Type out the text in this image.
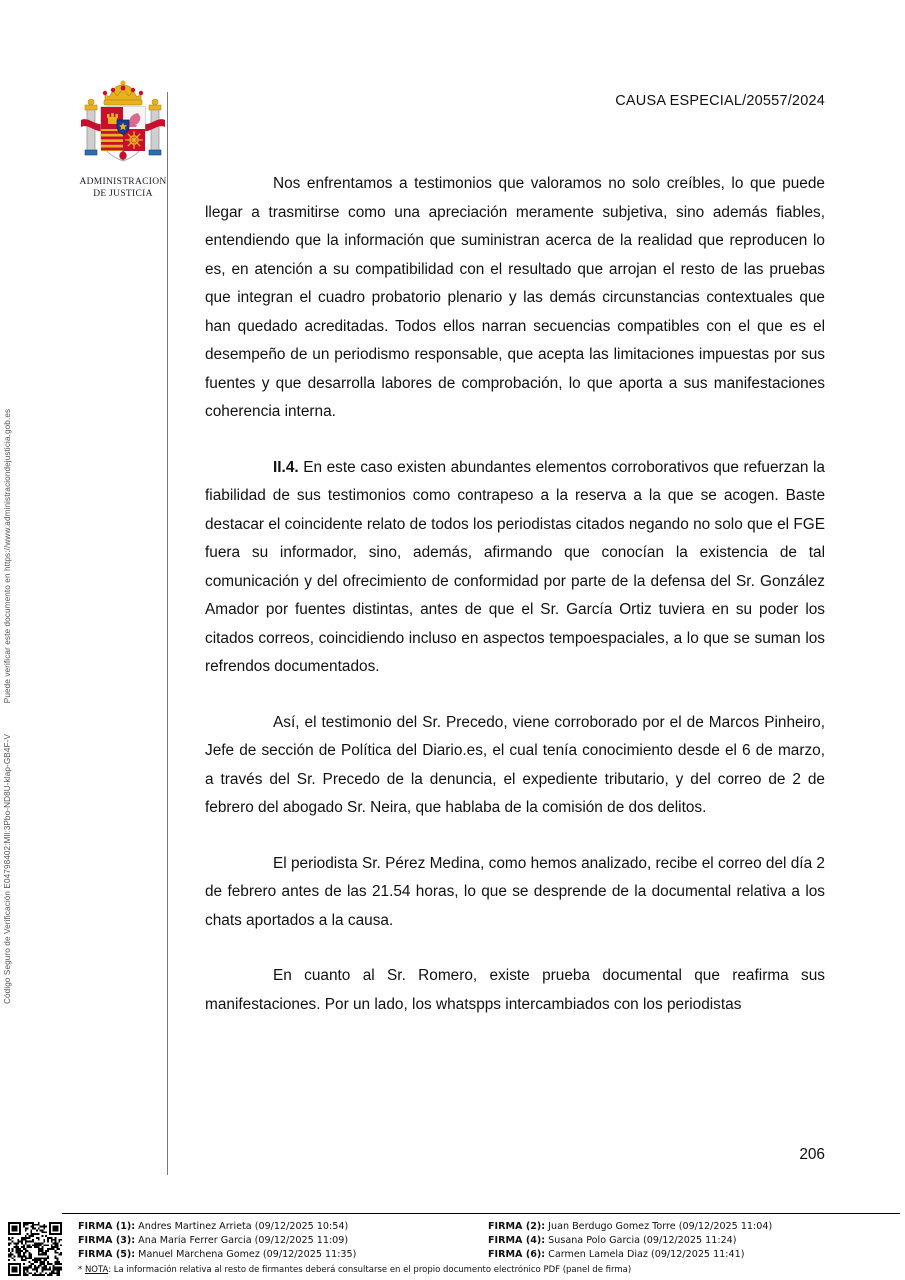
Código Seguro de Verificación E04798402:Mll:3Pbo-ND8U-klap-GB4F-V  Puede verificar este documento en https://www.administraciondejusticia.gob.es
ADMINISTRACION
DE JUSTICIA
CAUSA ESPECIAL/20557/2024

Nos enfrentamos a testimonios que valoramos no solo creíbles, lo que puede llegar a trasmitirse como una apreciación meramente subjetiva, sino además fiables, entendiendo que la información que suministran acerca de la realidad que reproducen lo es, en atención a su compatibilidad con el resultado que arrojan el resto de las pruebas que integran el cuadro probatorio plenario y las demás circunstancias contextuales que han quedado acreditadas. Todos ellos narran secuencias compatibles con el que es el desempeño de un periodismo responsable, que acepta las limitaciones impuestas por sus fuentes y que desarrolla labores de comprobación, lo que aporta a sus manifestaciones coherencia interna.

II.4. En este caso existen abundantes elementos corroborativos que refuerzan la fiabilidad de sus testimonios como contrapeso a la reserva a la que se acogen. Baste destacar el coincidente relato de todos los periodistas citados negando no solo que el FGE fuera su informador, sino, además, afirmando que conocían la existencia de tal comunicación y del ofrecimiento de conformidad por parte de la defensa del Sr. González Amador por fuentes distintas, antes de que el Sr. García Ortiz tuviera en su poder los citados correos, coincidiendo incluso en aspectos tempoespaciales, a lo que se suman los refrendos documentados.

Así, el testimonio del Sr. Precedo, viene corroborado por el de Marcos Pinheiro, Jefe de sección de Política del Diario.es, el cual tenía conocimiento desde el 6 de marzo, a través del Sr. Precedo de la denuncia, el expediente tributario, y del correo de 2 de febrero del abogado Sr. Neira, que hablaba de la comisión de dos delitos.

El periodista Sr. Pérez Medina, como hemos analizado, recibe el correo del día 2 de febrero antes de las 21.54 horas, lo que se desprende de la documental relativa a los chats aportados a la causa.

En cuanto al Sr. Romero, existe prueba documental que reafirma sus manifestaciones. Por un lado, los whatspps intercambiados con los periodistas

206
FIRMA (1): Andres Martinez Arrieta (09/12/2025 10:54)	FIRMA (2): Juan Berdugo Gomez Torre (09/12/2025 11:04)
FIRMA (3): Ana Maria Ferrer Garcia (09/12/2025 11:09)	FIRMA (4): Susana Polo Garcia (09/12/2025 11:24)
FIRMA (5): Manuel Marchena Gomez (09/12/2025 11:35)	FIRMA (6): Carmen Lamela Diaz (09/12/2025 11:41)
* NOTA: La información relativa al resto de firmantes deberá consultarse en el propio documento electrónico PDF (panel de firma)
